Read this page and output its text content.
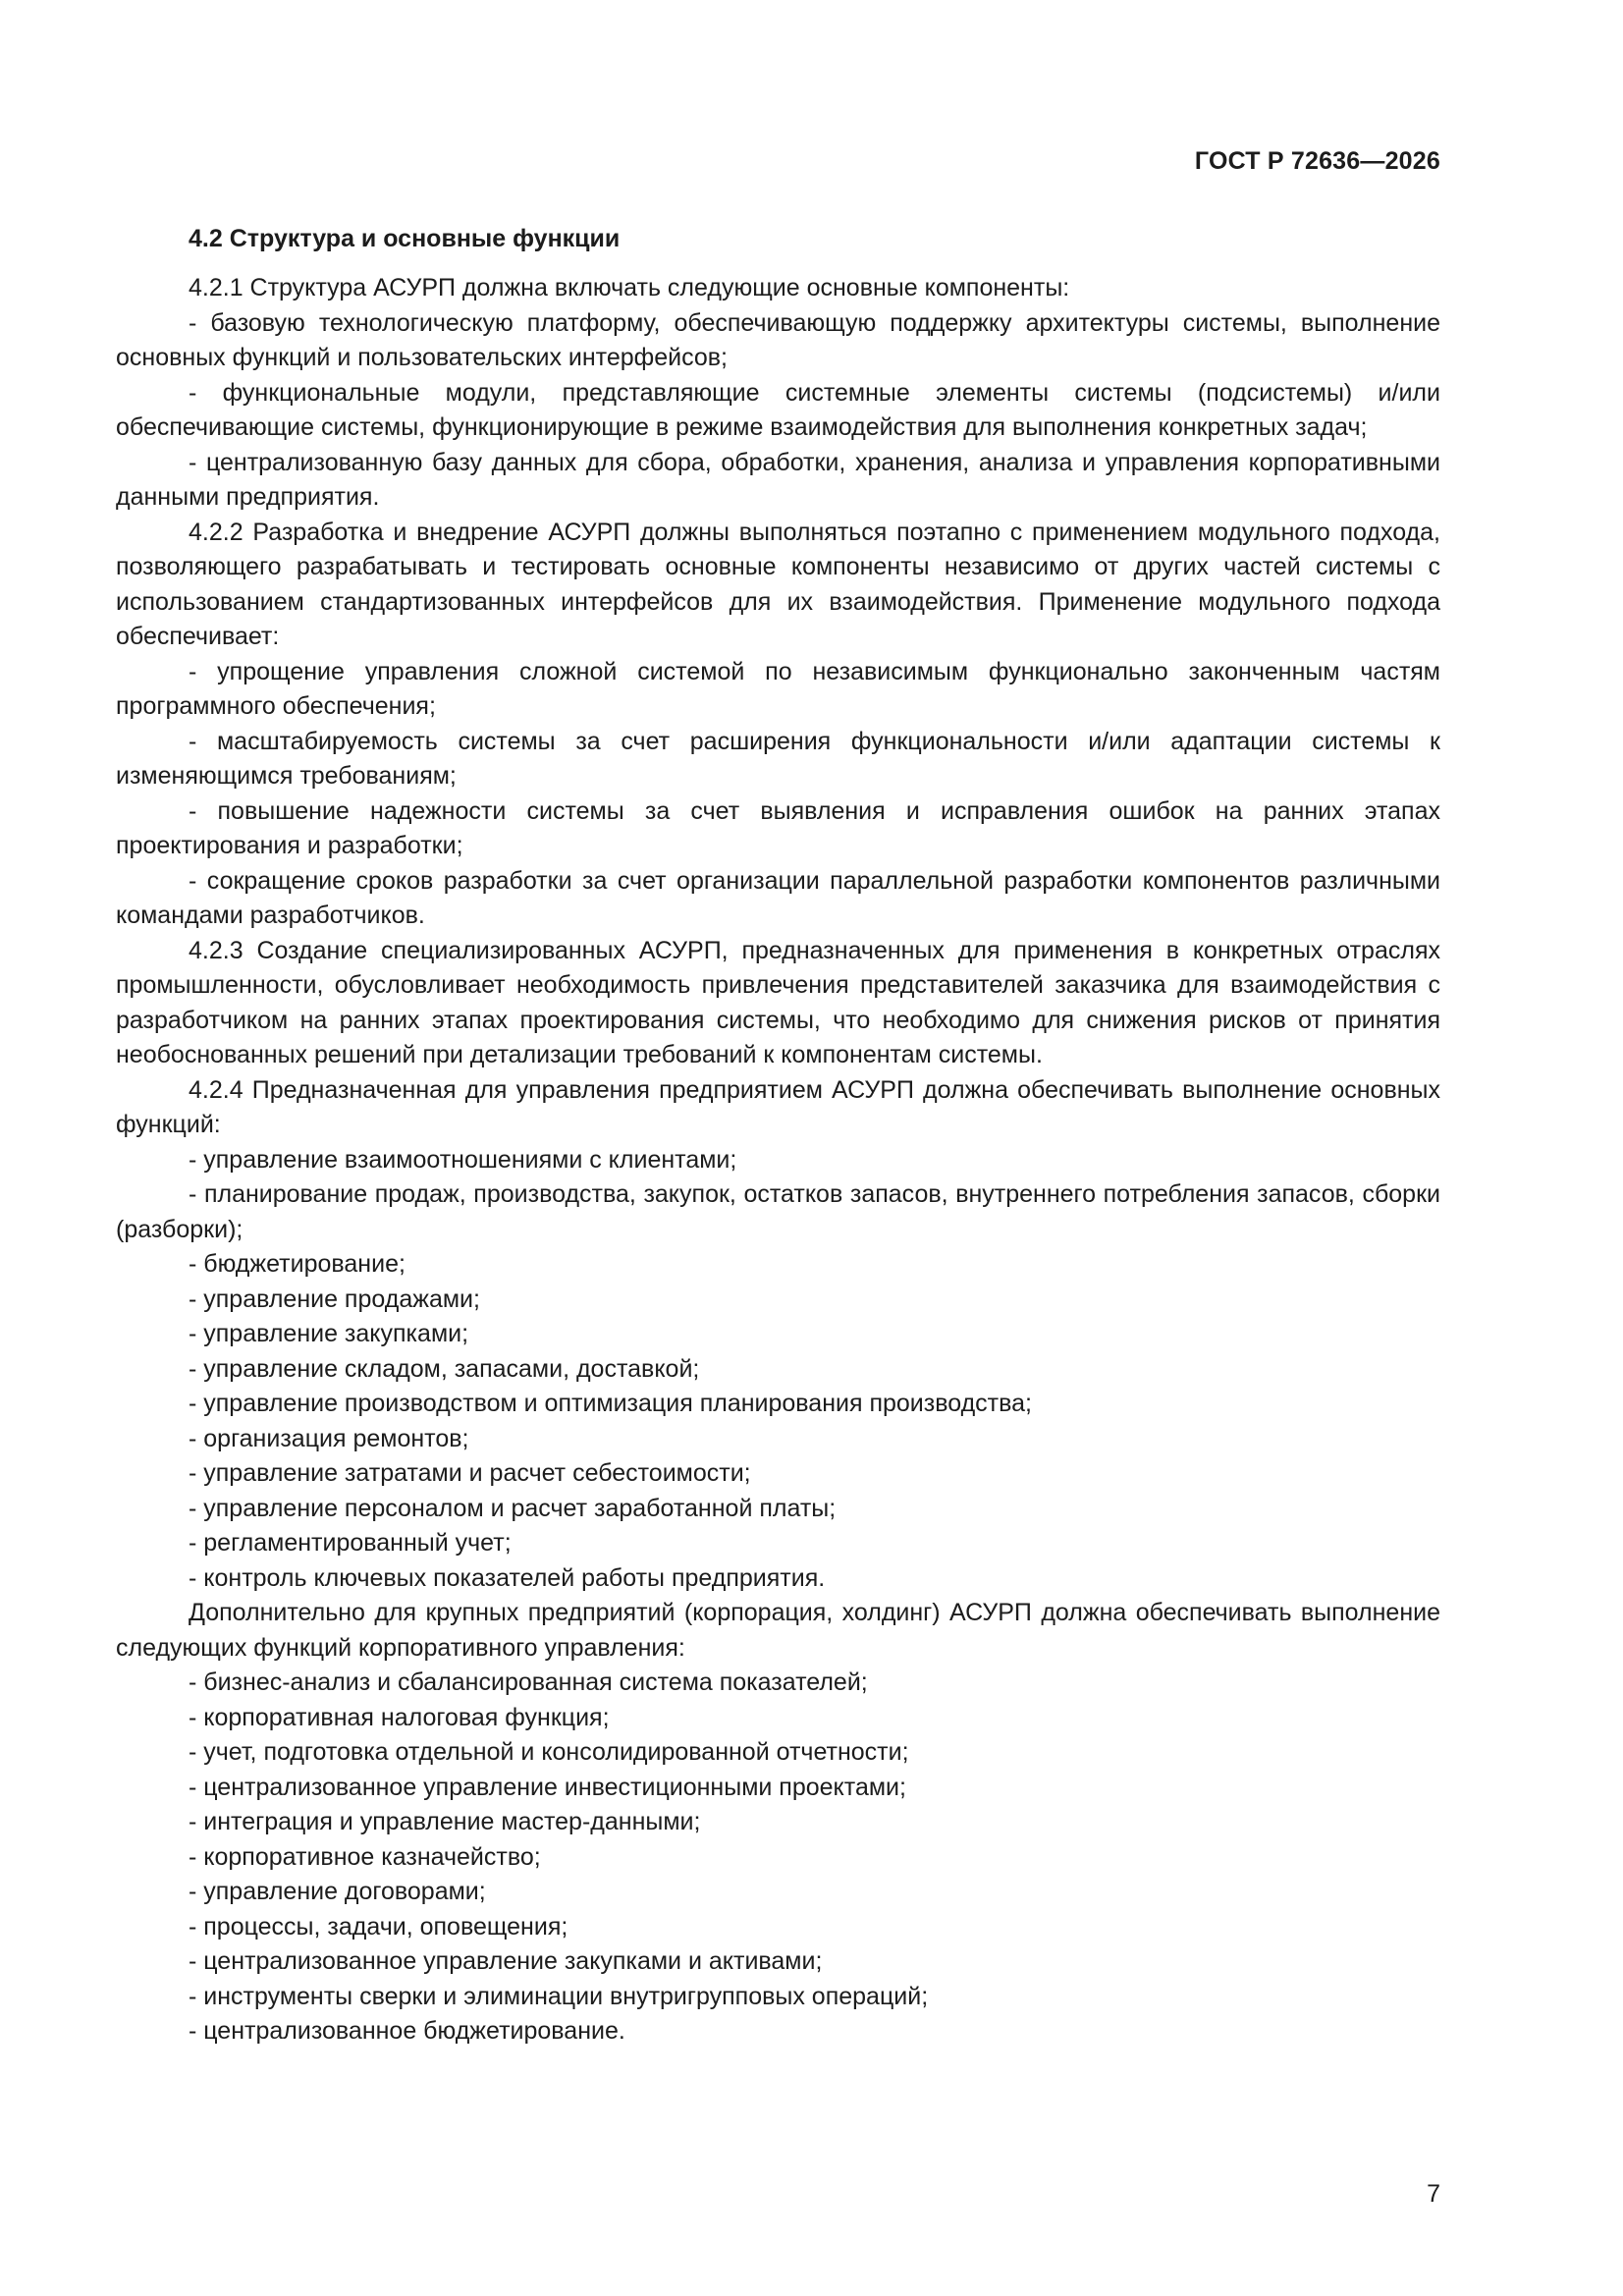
ГОСТ Р 72636—2026
4.2 Структура и основные функции

4.2.1 Структура АСУРП должна включать следующие основные компоненты:

- базовую технологическую платформу, обеспечивающую поддержку архитектуры системы, выполнение основных функций и пользовательских интерфейсов;

- функциональные модули, представляющие системные элементы системы (подсистемы) и/или обеспечивающие системы, функционирующие в режиме взаимодействия для выполнения конкретных задач;

- централизованную базу данных для сбора, обработки, хранения, анализа и управления корпоративными данными предприятия.

4.2.2 Разработка и внедрение АСУРП должны выполняться поэтапно с применением модульного подхода, позволяющего разрабатывать и тестировать основные компоненты независимо от других частей системы с использованием стандартизованных интерфейсов для их взаимодействия. Применение модульного подхода обеспечивает:

- упрощение управления сложной системой по независимым функционально законченным частям программного обеспечения;

- масштабируемость системы за счет расширения функциональности и/или адаптации системы к изменяющимся требованиям;

- повышение надежности системы за счет выявления и исправления ошибок на ранних этапах проектирования и разработки;

- сокращение сроков разработки за счет организации параллельной разработки компонентов различными командами разработчиков.

4.2.3 Создание специализированных АСУРП, предназначенных для применения в конкретных отраслях промышленности, обусловливает необходимость привлечения представителей заказчика для взаимодействия с разработчиком на ранних этапах проектирования системы, что необходимо для снижения рисков от принятия необоснованных решений при детализации требований к компонентам системы.

4.2.4 Предназначенная для управления предприятием АСУРП должна обеспечивать выполнение основных функций:

- управление взаимоотношениями с клиентами;

- планирование продаж, производства, закупок, остатков запасов, внутреннего потребления запасов, сборки (разборки);

- бюджетирование;

- управление продажами;

- управление закупками;

- управление складом, запасами, доставкой;

- управление производством и оптимизация планирования производства;

- организация ремонтов;

- управление затратами и расчет себестоимости;

- управление персоналом и расчет заработанной платы;

- регламентированный учет;

- контроль ключевых показателей работы предприятия.

Дополнительно для крупных предприятий (корпорация, холдинг) АСУРП должна обеспечивать выполнение следующих функций корпоративного управления:

- бизнес-анализ и сбалансированная система показателей;

- корпоративная налоговая функция;

- учет, подготовка отдельной и консолидированной отчетности;

- централизованное управление инвестиционными проектами;

- интеграция и управление мастер-данными;

- корпоративное казначейство;

- управление договорами;

- процессы, задачи, оповещения;

- централизованное управление закупками и активами;

- инструменты сверки и элиминации внутригрупповых операций;

- централизованное бюджетирование.

7
